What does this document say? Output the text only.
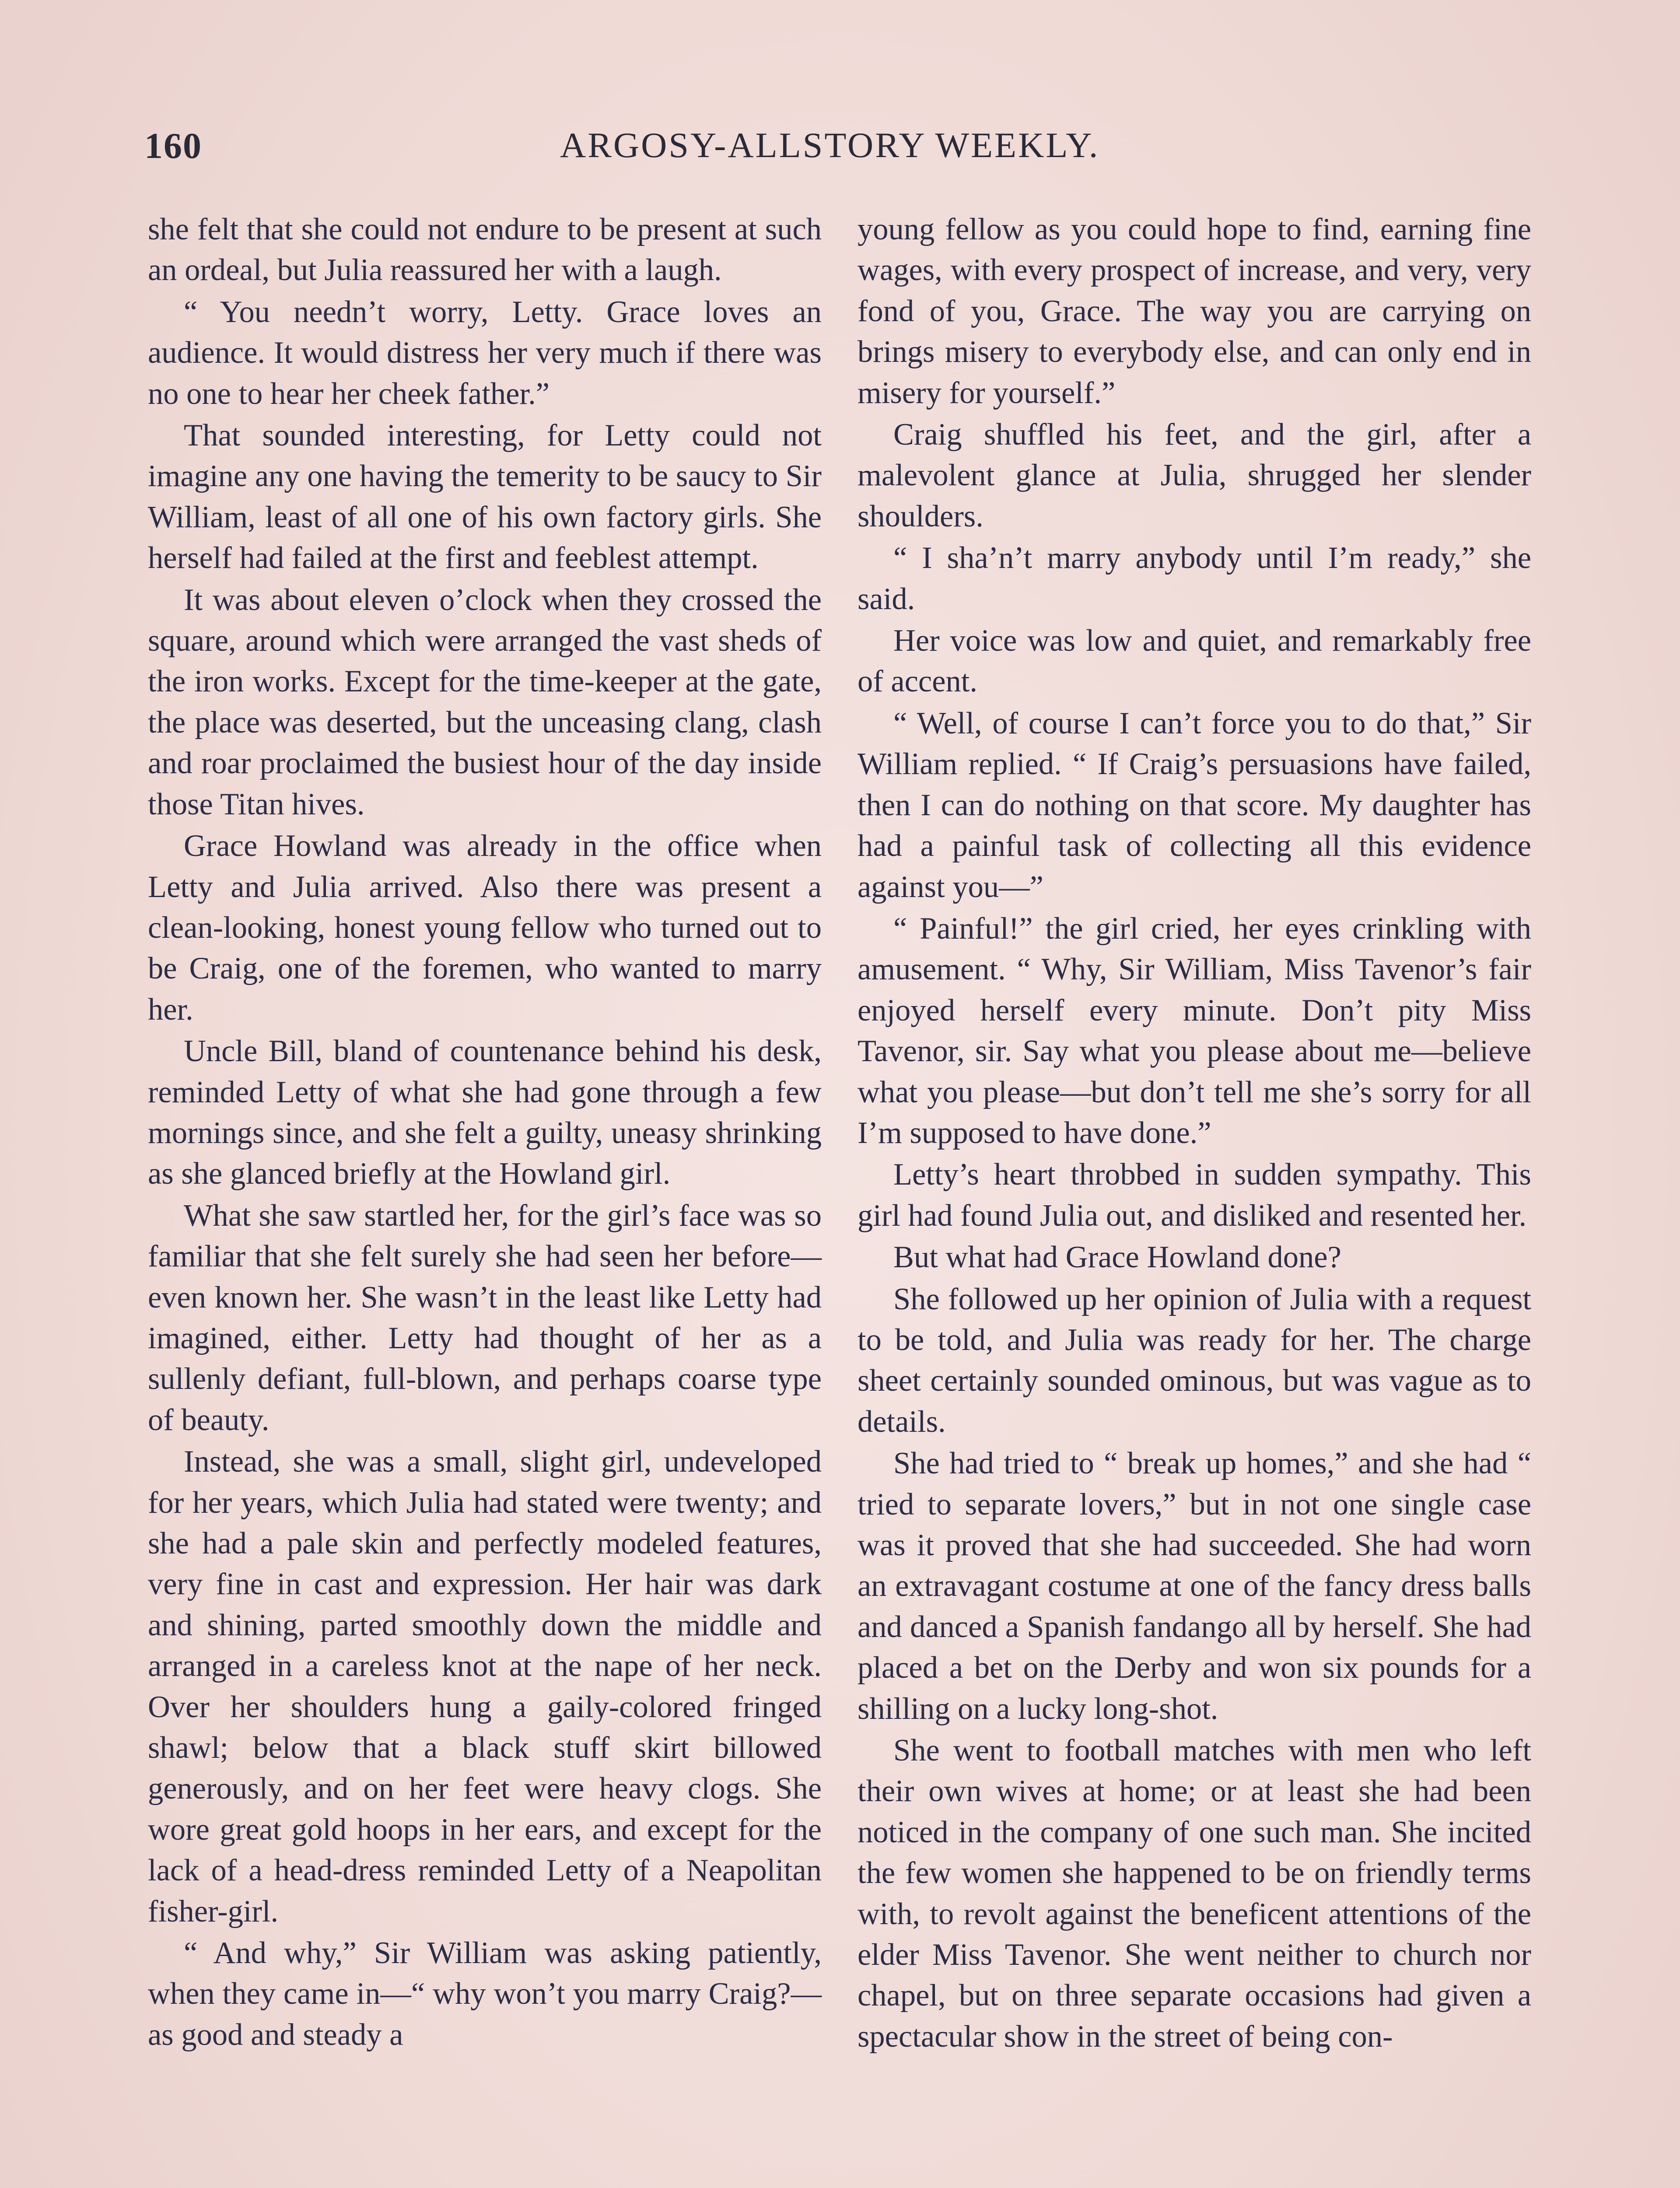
160	ARGOSY-ALLSTORY WEEKLY.

she felt that she could not endure to be present at such an ordeal, but Julia reassured her with a laugh.

“ You needn’t worry, Letty. Grace loves an audience. It would distress her very much if there was no one to hear her cheek father.”

That sounded interesting, for Letty could not imagine any one having the temerity to be saucy to Sir William, least of all one of his own factory girls. She herself had failed at the first and feeblest attempt.

It was about eleven o’clock when they crossed the square, around which were arranged the vast sheds of the iron works. Except for the time-keeper at the gate, the place was deserted, but the unceasing clang, clash and roar proclaimed the busiest hour of the day inside those Titan hives.

Grace Howland was already in the office when Letty and Julia arrived. Also there was present a clean-looking, honest young fellow who turned out to be Craig, one of the foremen, who wanted to marry her.

Uncle Bill, bland of countenance behind his desk, reminded Letty of what she had gone through a few mornings since, and she felt a guilty, uneasy shrinking as she glanced briefly at the Howland girl.

What she saw startled her, for the girl’s face was so familiar that she felt surely she had seen her before—even known her. She wasn’t in the least like Letty had imagined, either. Letty had thought of her as a sullenly defiant, full-blown, and perhaps coarse type of beauty.

Instead, she was a small, slight girl, undeveloped for her years, which Julia had stated were twenty; and she had a pale skin and perfectly modeled features, very fine in cast and expression. Her hair was dark and shining, parted smoothly down the middle and arranged in a careless knot at the nape of her neck. Over her shoulders hung a gaily-colored fringed shawl; below that a black stuff skirt billowed generously, and on her feet were heavy clogs. She wore great gold hoops in her ears, and except for the lack of a head-dress reminded Letty of a Neapolitan fisher-girl.

“ And why,” Sir William was asking patiently, when they came in—“ why won’t you marry Craig?—as good and steady a

young fellow as you could hope to find, earning fine wages, with every prospect of increase, and very, very fond of you, Grace. The way you are carrying on brings misery to everybody else, and can only end in misery for yourself.”

Craig shuffled his feet, and the girl, after a malevolent glance at Julia, shrugged her slender shoulders.

“ I sha’n’t marry anybody until I’m ready,” she said.

Her voice was low and quiet, and remarkably free of accent.

“ Well, of course I can’t force you to do that,” Sir William replied. “ If Craig’s persuasions have failed, then I can do nothing on that score. My daughter has had a painful task of collecting all this evidence against you—”

“ Painful!” the girl cried, her eyes crinkling with amusement. “ Why, Sir William, Miss Tavenor’s fair enjoyed herself every minute. Don’t pity Miss Tavenor, sir. Say what you please about me—believe what you please—but don’t tell me she’s sorry for all I’m supposed to have done.”

Letty’s heart throbbed in sudden sympathy. This girl had found Julia out, and disliked and resented her.

But what had Grace Howland done?

She followed up her opinion of Julia with a request to be told, and Julia was ready for her. The charge sheet certainly sounded ominous, but was vague as to details.

She had tried to “ break up homes,” and she had “ tried to separate lovers,” but in not one single case was it proved that she had succeeded. She had worn an extravagant costume at one of the fancy dress balls and danced a Spanish fandango all by herself. She had placed a bet on the Derby and won six pounds for a shilling on a lucky long-shot.

She went to football matches with men who left their own wives at home; or at least she had been noticed in the company of one such man. She incited the few women she happened to be on friendly terms with, to revolt against the beneficent attentions of the elder Miss Tavenor. She went neither to church nor chapel, but on three separate occasions had given a spectacular show in the street of being con-
